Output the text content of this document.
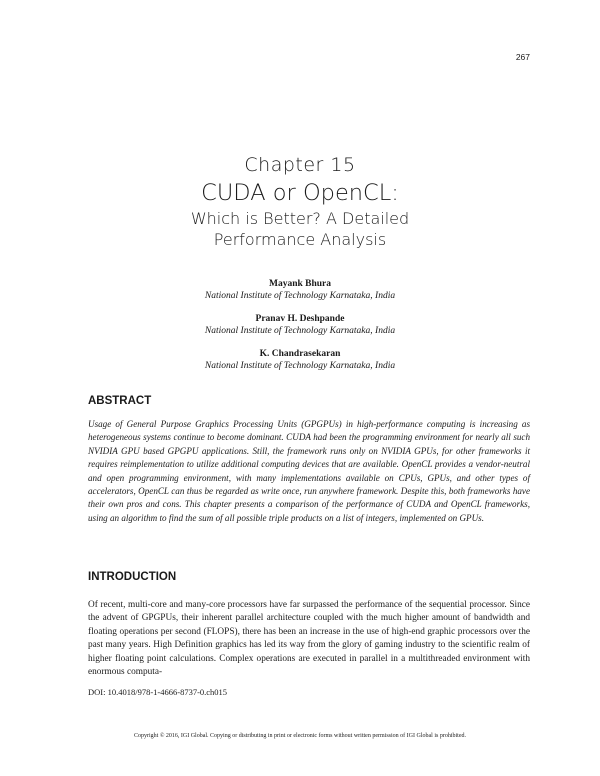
267
Chapter 15
CUDA or OpenCL:
Which is Better? A Detailed
Performance Analysis
Mayank Bhura
National Institute of Technology Karnataka, India
Pranav H. Deshpande
National Institute of Technology Karnataka, India
K. Chandrasekaran
National Institute of Technology Karnataka, India
ABSTRACT
Usage of General Purpose Graphics Processing Units (GPGPUs) in high-performance computing is increasing as heterogeneous systems continue to become dominant. CUDA had been the programming environment for nearly all such NVIDIA GPU based GPGPU applications. Still, the framework runs only on NVIDIA GPUs, for other frameworks it requires reimplementation to utilize additional computing devices that are available. OpenCL provides a vendor-neutral and open programming environment, with many implementations available on CPUs, GPUs, and other types of accelerators, OpenCL can thus be regarded as write once, run anywhere framework. Despite this, both frameworks have their own pros and cons. This chapter presents a comparison of the performance of CUDA and OpenCL frameworks, using an algorithm to find the sum of all possible triple products on a list of integers, implemented on GPUs.
INTRODUCTION
Of recent, multi-core and many-core processors have far surpassed the performance of the sequential processor. Since the advent of GPGPUs, their inherent parallel architecture coupled with the much higher amount of bandwidth and floating operations per second (FLOPS), there has been an increase in the use of high-end graphic processors over the past many years. High Definition graphics has led its way from the glory of gaming industry to the scientific realm of higher floating point calculations. Complex operations are executed in parallel in a multithreaded environment with enormous computa-
DOI: 10.4018/978-1-4666-8737-0.ch015
Copyright © 2016, IGI Global. Copying or distributing in print or electronic forms without written permission of IGI Global is prohibited.
